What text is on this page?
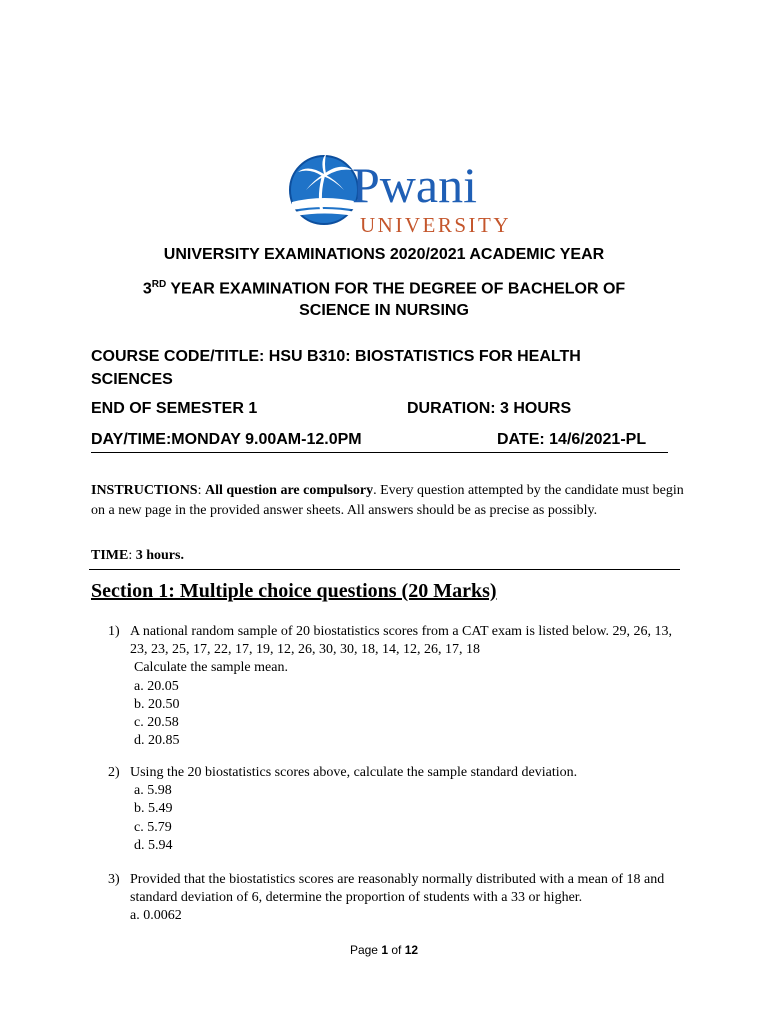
Pwani
UNIVERSITY
UNIVERSITY EXAMINATIONS 2020/2021 ACADEMIC YEAR
3RD YEAR EXAMINATION FOR THE DEGREE OF BACHELOR OF
SCIENCE IN NURSING
COURSE CODE/TITLE: HSU B310: BIOSTATISTICS FOR HEALTH
SCIENCES
END OF SEMESTER 1	DURATION: 3 HOURS
DAY/TIME:MONDAY 9.00AM-12.0PM	DATE: 14/6/2021-PL
INSTRUCTIONS: All question are compulsory. Every question attempted by the candidate must begin on a new page in the provided answer sheets. All answers should be as precise as possibly.
TIME: 3 hours.
Section 1: Multiple choice questions (20 Marks)
1) A national random sample of 20 biostatistics scores from a CAT exam is listed below. 29, 26, 13, 23, 23, 25, 17, 22, 17, 19, 12, 26, 30, 30, 18, 14, 12, 26, 17, 18
Calculate the sample mean.
a. 20.05
b. 20.50
c. 20.58
d. 20.85
2) Using the 20 biostatistics scores above, calculate the sample standard deviation.
a. 5.98
b. 5.49
c. 5.79
d. 5.94
3) Provided that the biostatistics scores are reasonably normally distributed with a mean of 18 and standard deviation of 6, determine the proportion of students with a 33 or higher.
a. 0.0062
Page 1 of 12
